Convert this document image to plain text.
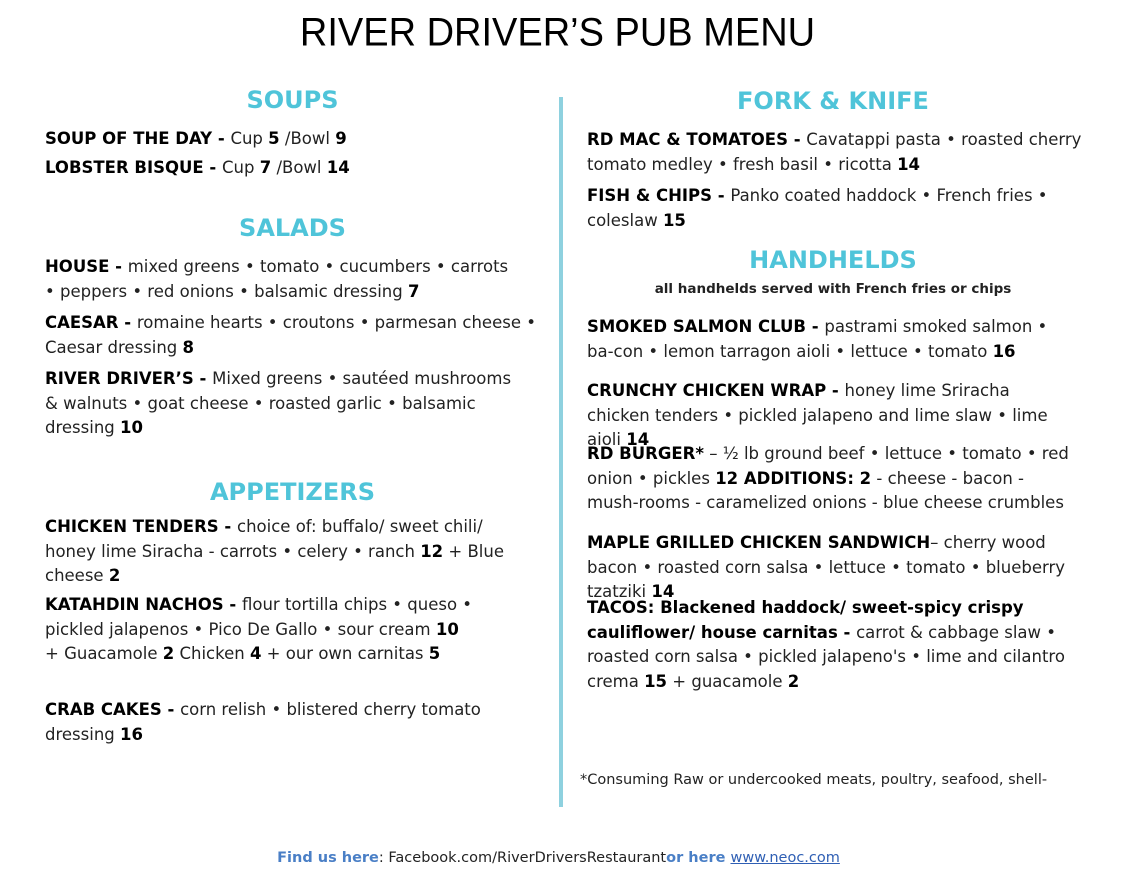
RIVER DRIVER’S PUB MENU
SOUPS
SOUP OF THE DAY - Cup 5 /Bowl 9
LOBSTER BISQUE - Cup 7 /Bowl 14
SALADS
HOUSE - mixed greens • tomato • cucumbers • carrots • peppers • red onions • balsamic dressing 7
CAESAR - romaine hearts • croutons • parmesan cheese • Caesar dressing 8
RIVER DRIVER’S - Mixed greens • sautéed mushrooms & walnuts • goat cheese • roasted garlic • balsamic dressing 10
APPETIZERS
CHICKEN TENDERS - choice of: buffalo/ sweet chili/ honey lime Siracha - carrots • celery • ranch 12 + Blue cheese 2
KATAHDIN NACHOS - flour tortilla chips • queso • pickled jalapenos • Pico De Gallo • sour cream 10
+ Guacamole 2 Chicken 4 + our own carnitas 5
CRAB CAKES - corn relish • blistered cherry tomato dressing 16
FORK & KNIFE
RD MAC & TOMATOES - Cavatappi pasta • roasted cherry tomato medley • fresh basil • ricotta 14
FISH & CHIPS - Panko coated haddock • French fries • coleslaw 15
HANDHELDS
all handhelds served with French fries or chips
SMOKED SALMON CLUB - pastrami smoked salmon • ba-con • lemon tarragon aioli • lettuce • tomato 16
CRUNCHY CHICKEN WRAP - honey lime Sriracha chicken tenders • pickled jalapeno and lime slaw • lime aioli 14
RD BURGER* – ½ lb ground beef • lettuce • tomato • red onion • pickles 12 ADDITIONS: 2 - cheese - bacon - mush-rooms - caramelized onions - blue cheese crumbles
MAPLE GRILLED CHICKEN SANDWICH– cherry wood bacon • roasted corn salsa • lettuce • tomato • blueberry tzatziki 14
TACOS: Blackened haddock/ sweet-spicy crispy cauliflower/ house carnitas - carrot & cabbage slaw • roasted corn salsa • pickled jalapeno's • lime and cilantro crema 15 + guacamole 2
*Consuming Raw or undercooked meats, poultry, seafood, shell-
Find us here: Facebook.com/RiverDriversRestaurantor here www.neoc.com
